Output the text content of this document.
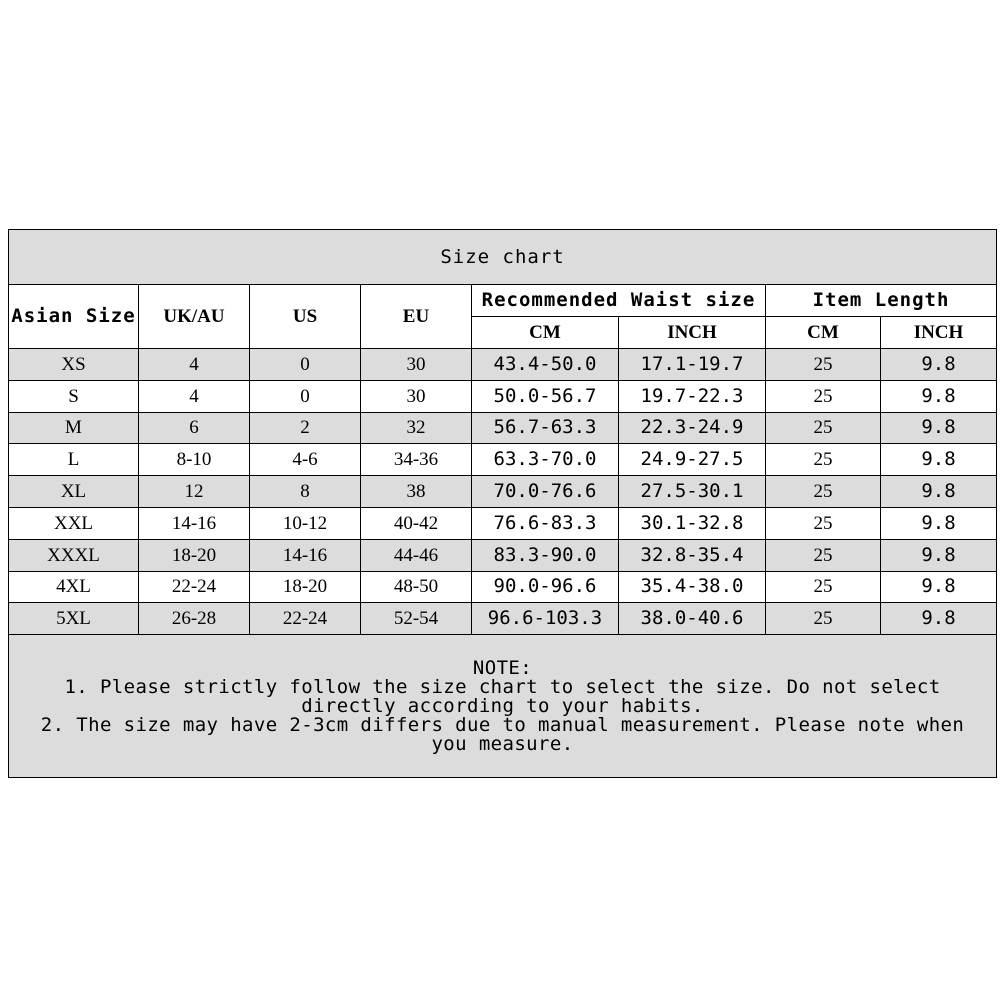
Size chart							
Asian Size	UK/AU	US	EU	Recommended Waist size		Item Length	
				CM	INCH	CM	INCH
XS	4	0	30	43.4-50.0	17.1-19.7	25	9.8
S	4	0	30	50.0-56.7	19.7-22.3	25	9.8
M	6	2	32	56.7-63.3	22.3-24.9	25	9.8
L	8-10	4-6	34-36	63.3-70.0	24.9-27.5	25	9.8
XL	12	8	38	70.0-76.6	27.5-30.1	25	9.8
XXL	14-16	10-12	40-42	76.6-83.3	30.1-32.8	25	9.8
XXXL	18-20	14-16	44-46	83.3-90.0	32.8-35.4	25	9.8
4XL	22-24	18-20	48-50	90.0-96.6	35.4-38.0	25	9.8
5XL	26-28	22-24	52-54	96.6-103.3	38.0-40.6	25	9.8

NOTE:
1. Please strictly follow the size chart to select the size. Do not select directly according to your habits.
2. The size may have 2-3cm differs due to manual measurement. Please note when you measure.							
